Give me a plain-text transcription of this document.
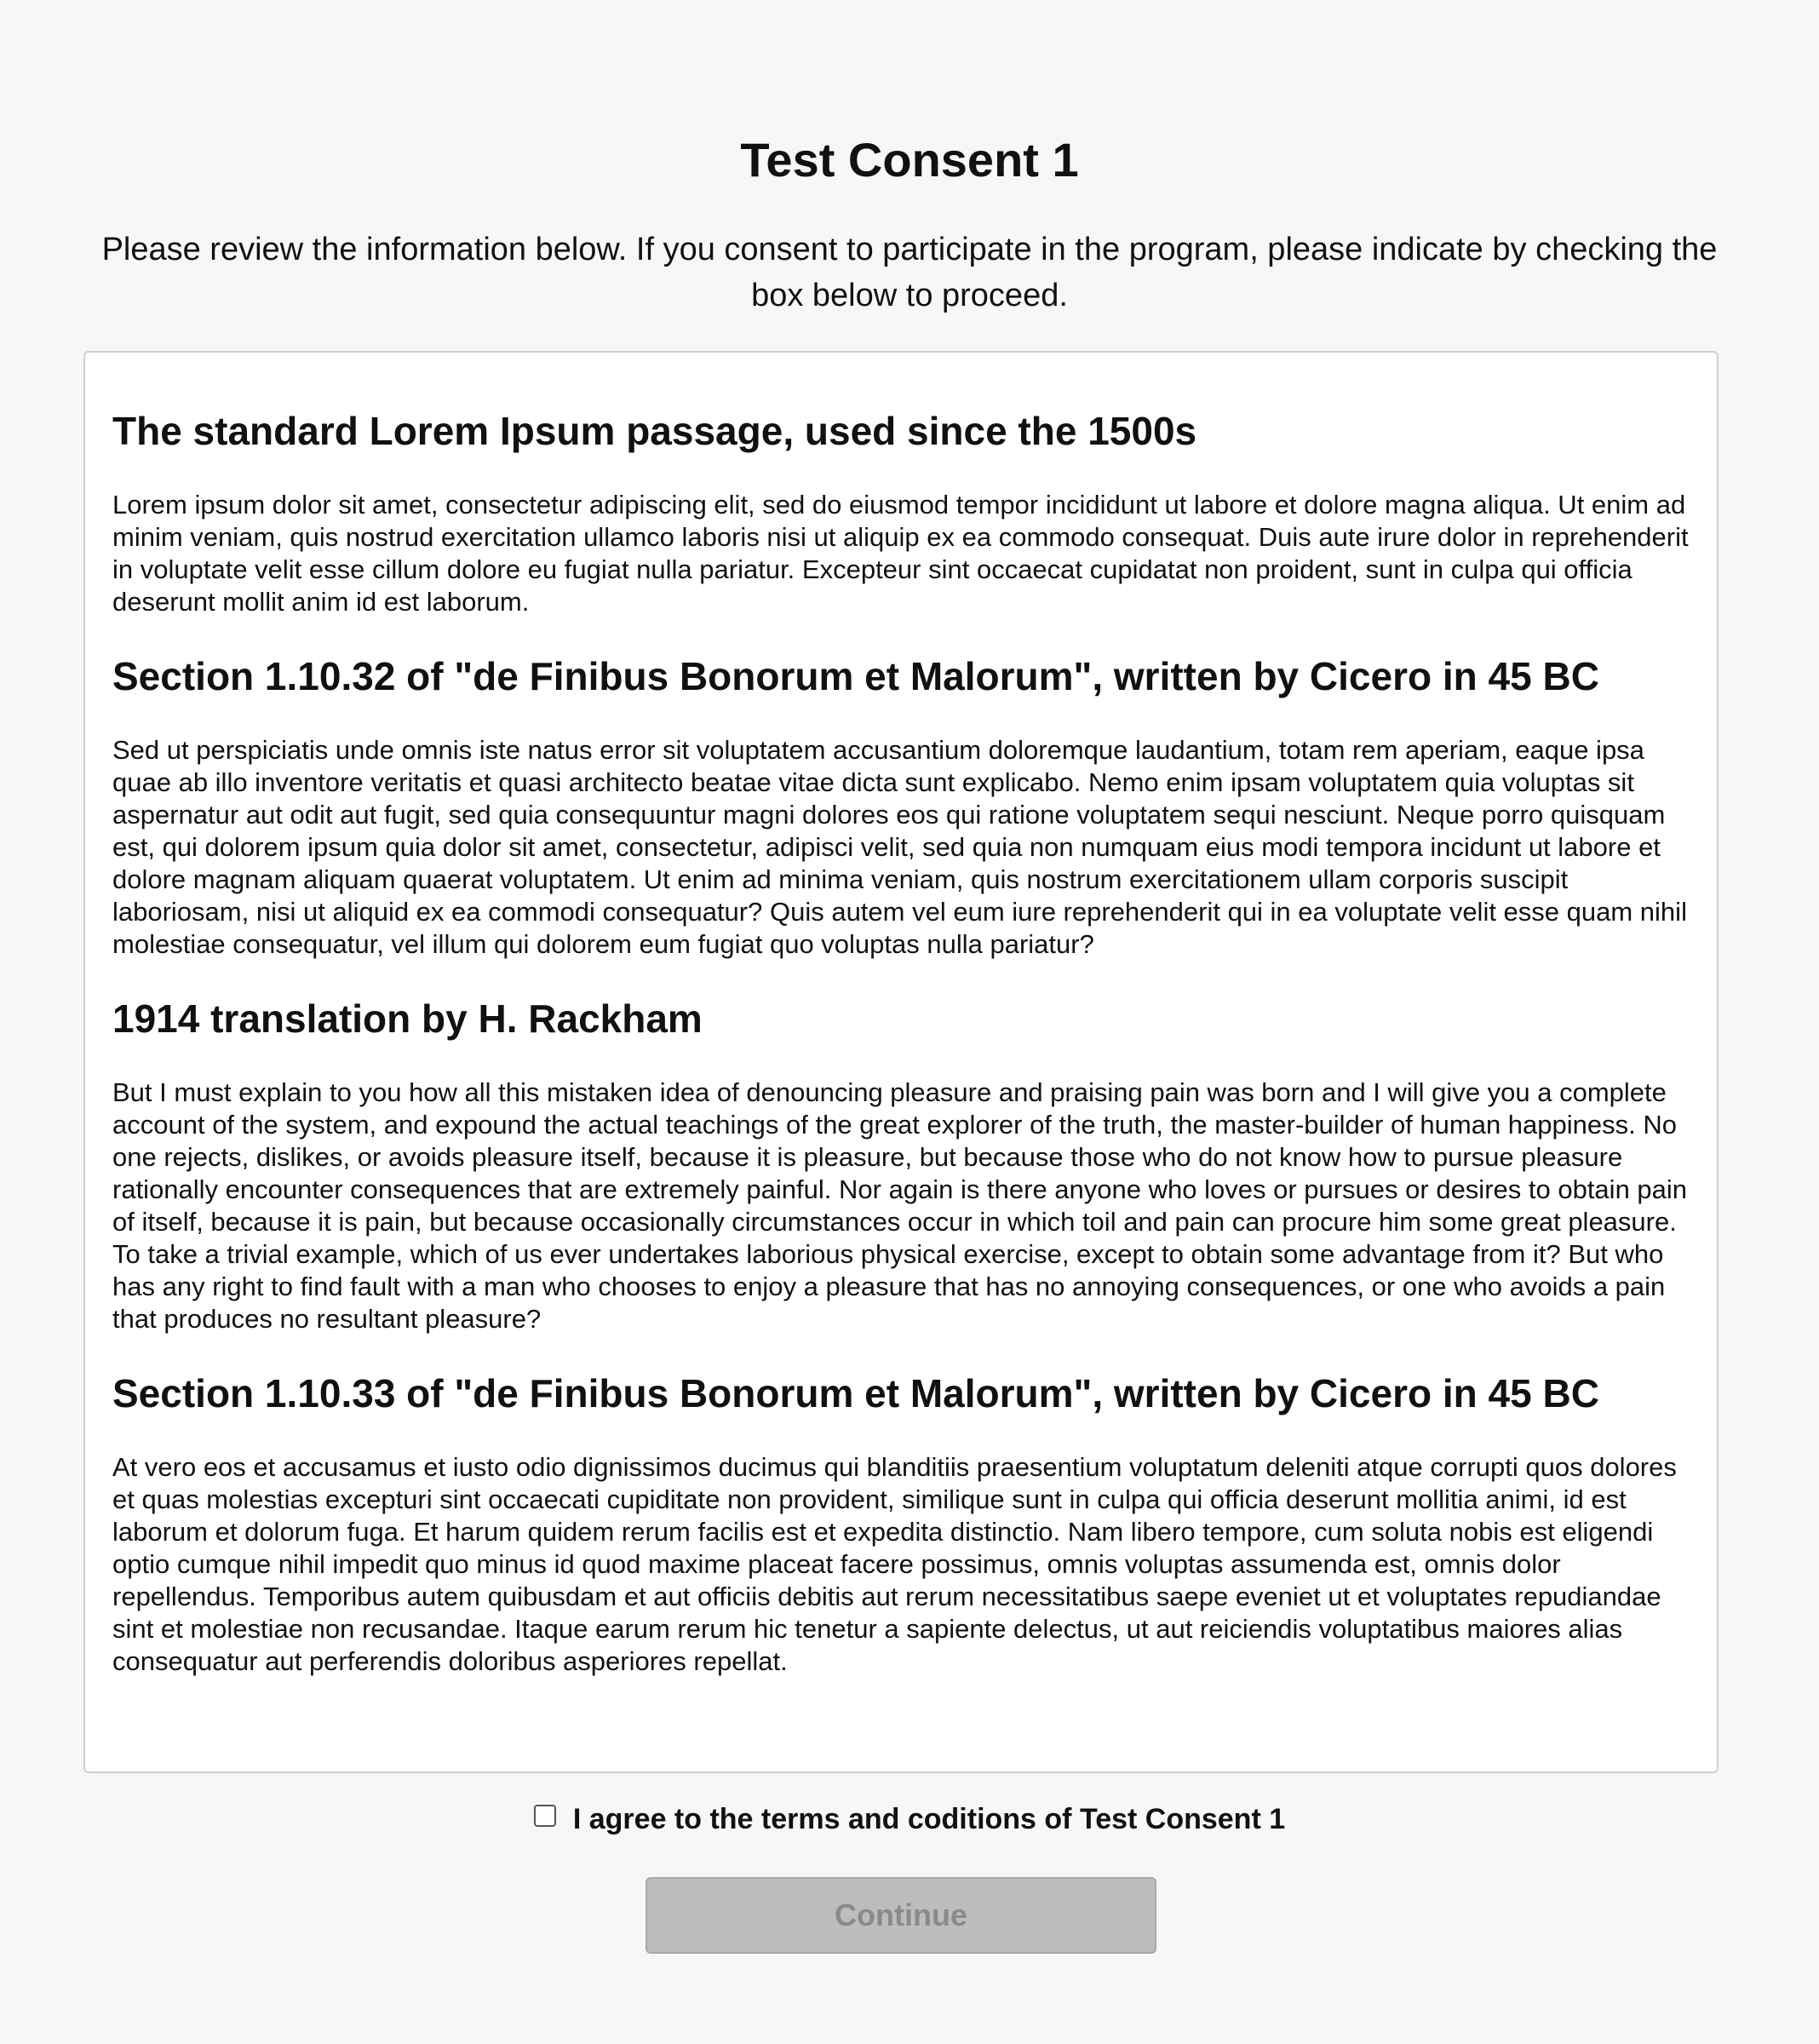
Test Consent 1

Please review the information below. If you consent to participate in the program, please indicate by checking the box below to proceed.

The standard Lorem Ipsum passage, used since the 1500s

Lorem ipsum dolor sit amet, consectetur adipiscing elit, sed do eiusmod tempor incididunt ut labore et dolore magna aliqua. Ut enim ad minim veniam, quis nostrud exercitation ullamco laboris nisi ut aliquip ex ea commodo consequat. Duis aute irure dolor in reprehenderit in voluptate velit esse cillum dolore eu fugiat nulla pariatur. Excepteur sint occaecat cupidatat non proident, sunt in culpa qui officia deserunt mollit anim id est laborum.

Section 1.10.32 of "de Finibus Bonorum et Malorum", written by Cicero in 45 BC

Sed ut perspiciatis unde omnis iste natus error sit voluptatem accusantium doloremque laudantium, totam rem aperiam, eaque ipsa quae ab illo inventore veritatis et quasi architecto beatae vitae dicta sunt explicabo. Nemo enim ipsam voluptatem quia voluptas sit aspernatur aut odit aut fugit, sed quia consequuntur magni dolores eos qui ratione voluptatem sequi nesciunt. Neque porro quisquam est, qui dolorem ipsum quia dolor sit amet, consectetur, adipisci velit, sed quia non numquam eius modi tempora incidunt ut labore et dolore magnam aliquam quaerat voluptatem. Ut enim ad minima veniam, quis nostrum exercitationem ullam corporis suscipit laboriosam, nisi ut aliquid ex ea commodi consequatur? Quis autem vel eum iure reprehenderit qui in ea voluptate velit esse quam nihil molestiae consequatur, vel illum qui dolorem eum fugiat quo voluptas nulla pariatur?

1914 translation by H. Rackham

But I must explain to you how all this mistaken idea of denouncing pleasure and praising pain was born and I will give you a complete account of the system, and expound the actual teachings of the great explorer of the truth, the master-builder of human happiness. No one rejects, dislikes, or avoids pleasure itself, because it is pleasure, but because those who do not know how to pursue pleasure rationally encounter consequences that are extremely painful. Nor again is there anyone who loves or pursues or desires to obtain pain of itself, because it is pain, but because occasionally circumstances occur in which toil and pain can procure him some great pleasure. To take a trivial example, which of us ever undertakes laborious physical exercise, except to obtain some advantage from it? But who has any right to find fault with a man who chooses to enjoy a pleasure that has no annoying consequences, or one who avoids a pain that produces no resultant pleasure?

Section 1.10.33 of "de Finibus Bonorum et Malorum", written by Cicero in 45 BC

At vero eos et accusamus et iusto odio dignissimos ducimus qui blanditiis praesentium voluptatum deleniti atque corrupti quos dolores et quas molestias excepturi sint occaecati cupiditate non provident, similique sunt in culpa qui officia deserunt mollitia animi, id est laborum et dolorum fuga. Et harum quidem rerum facilis est et expedita distinctio. Nam libero tempore, cum soluta nobis est eligendi optio cumque nihil impedit quo minus id quod maxime placeat facere possimus, omnis voluptas assumenda est, omnis dolor repellendus. Temporibus autem quibusdam et aut officiis debitis aut rerum necessitatibus saepe eveniet ut et voluptates repudiandae sint et molestiae non recusandae. Itaque earum rerum hic tenetur a sapiente delectus, ut aut reiciendis voluptatibus maiores alias consequatur aut perferendis doloribus asperiores repellat.

I agree to the terms and coditions of Test Consent 1
Continue
